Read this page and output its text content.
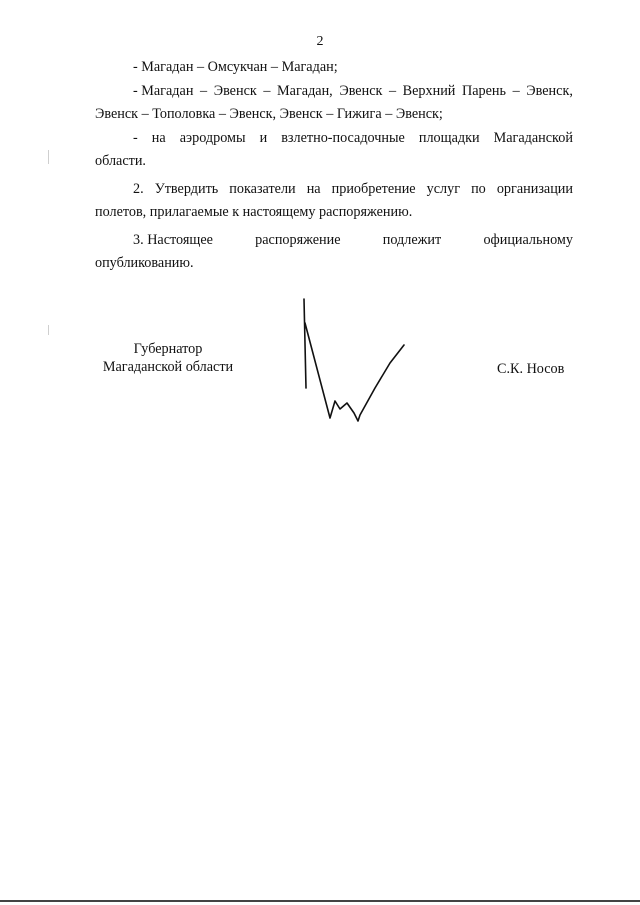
2

- Магадан – Омсукчан – Магадан;

- Магадан – Эвенск – Магадан, Эвенск – Верхний Парень – Эвенск,

Эвенск – Тополовка – Эвенск, Эвенск – Гижига – Эвенск;

- на аэродромы и взлетно-посадочные площадки Магаданской

области.

2. Утвердить показатели на приобретение услуг по организации

полетов, прилагаемые к настоящему распоряжению.

3. Настоящее	распоряжение	подлежит	официальному

опубликованию.

Губернатор
Магаданской области	С.К. Носов
